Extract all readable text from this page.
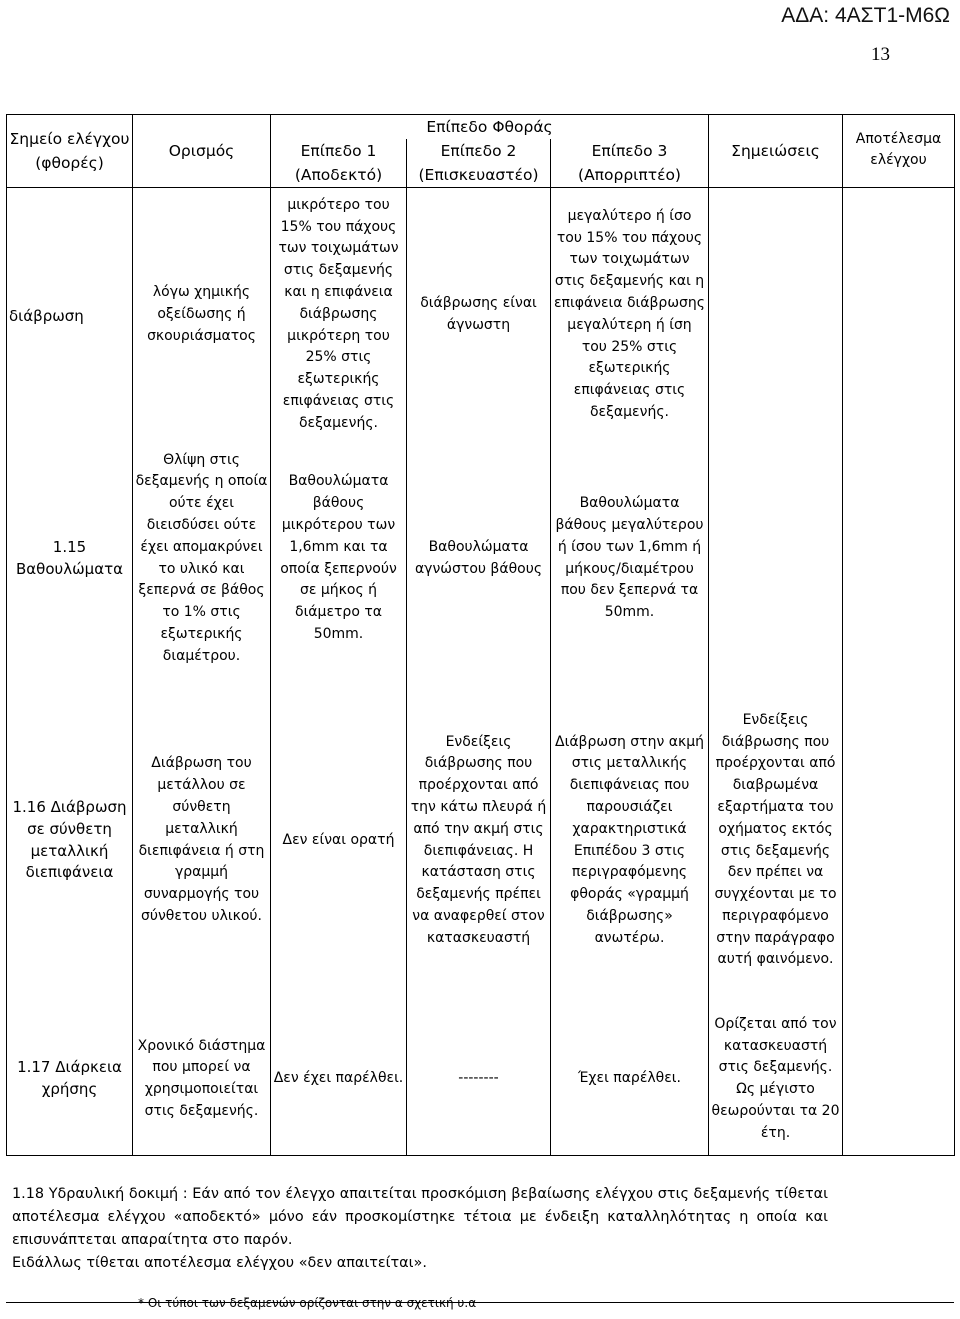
ΑΔΑ: 4ΑΣΤ1-Μ6Ω
13
Σημείο ελέγχου (φθορές)	Ορισμός	Επίπεδο Φθοράς			Σημειώσεις	Αποτέλεσμα ελέγχου
		Επίπεδο 1 (Αποδεκτό)	Επίπεδο 2 (Επισκευαστέο)	Επίπεδο 3 (Απορριπτέο)		
διάβρωση	λόγω χημικής οξείδωσης ή σκουριάσματος	μικρότερο του 15% του πάχους των τοιχωμάτων στις δεξαμενής και η επιφάνεια διάβρωσης μικρότερη του 25% στις εξωτερικής επιφάνειας στις δεξαμενής.	διάβρωσης είναι άγνωστη	μεγαλύτερο ή ίσο του 15% του πάχους των τοιχωμάτων στις δεξαμενής και η επιφάνεια διάβρωσης μεγαλύτερη ή ίση του 25% στις εξωτερικής επιφάνειας στις δεξαμενής.		
1.15 Βαθουλώματα	Θλίψη στις δεξαμενής η οποία ούτε έχει διεισδύσει ούτε έχει απομακρύνει το υλικό και ξεπερνά σε βάθος το 1% στις εξωτερικής διαμέτρου.	Βαθουλώματα βάθους μικρότερου των 1,6mm και τα οποία ξεπερνούν σε μήκος ή διάμετρο τα 50mm.	Βαθουλώματα αγνώστου βάθους	Βαθουλώματα βάθους μεγαλύτερου ή ίσου των 1,6mm ή μήκους/διαμέτρου που δεν ξεπερνά τα 50mm.		
1.16 Διάβρωση σε σύνθετη μεταλλική διεπιφάνεια	Διάβρωση του μετάλλου σε σύνθετη μεταλλική διεπιφάνεια ή στη γραμμή συναρμογής του σύνθετου υλικού.	Δεν είναι ορατή	Ενδείξεις διάβρωσης που προέρχονται από την κάτω πλευρά ή από την ακμή στις διεπιφάνειας. Η κατάσταση στις δεξαμενής πρέπει να αναφερθεί στον κατασκευαστή	Διάβρωση στην ακμή στις μεταλλικής διεπιφάνειας που παρουσιάζει χαρακτηριστικά Επιπέδου 3 στις περιγραφόμενης φθοράς «γραμμή διάβρωσης» ανωτέρω.	Ενδείξεις διάβρωσης που προέρχονται από διαβρωμένα εξαρτήματα του οχήματος εκτός στις δεξαμενής δεν πρέπει να συγχέονται με το περιγραφόμενο στην παράγραφο αυτή φαινόμενο.	
1.17 Διάρκεια χρήσης	Χρονικό διάστημα που μπορεί να χρησιμοποιείται στις δεξαμενής.	Δεν έχει παρέλθει.	--------	Έχει παρέλθει.	Ορίζεται από τον κατασκευαστή στις δεξαμενής. Ως μέγιστο θεωρούνται τα 20 έτη.	
1.18 Υδραυλική δοκιμή : Εάν από τον έλεγχο απαιτείται προσκόμιση βεβαίωσης ελέγχου στις δεξαμενής τίθεται αποτέλεσμα ελέγχου «αποδεκτό» μόνο εάν προσκομίστηκε τέτοια με ένδειξη καταλληλότητας η οποία και επισυνάπτεται απαραίτητα στο παρόν.
Ειδάλλως τίθεται αποτέλεσμα ελέγχου «δεν απαιτείται».
* Οι τύποι των δεξαμενών ορίζονται στην α σχετική υ.α
